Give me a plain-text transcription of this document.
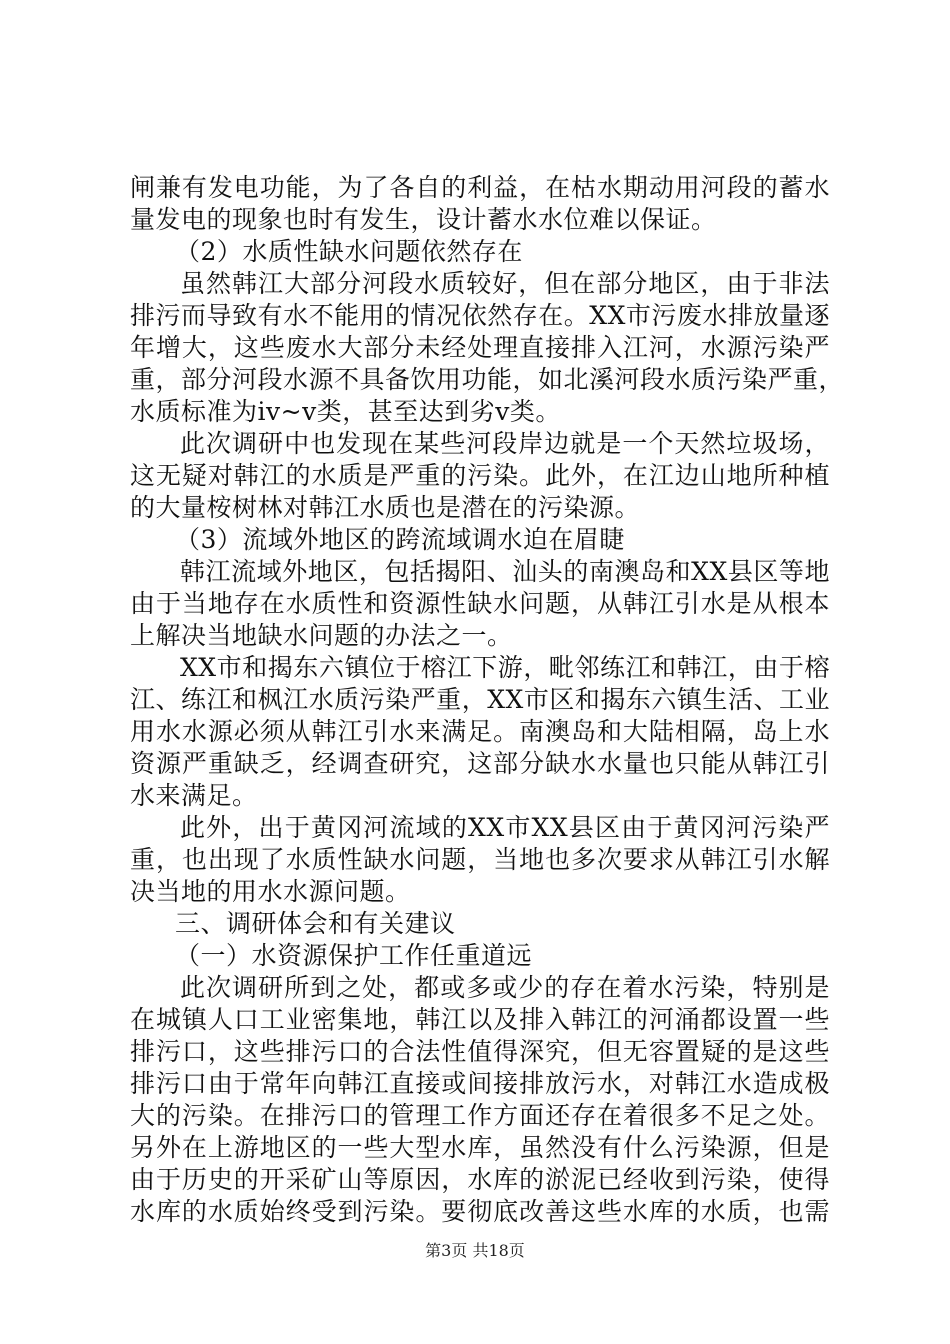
闸兼有发电功能，为了各自的利益，在枯水期动用河段的蓄水
量发电的现象也时有发生，设计蓄水水位难以保证。
（2）水质性缺水问题依然存在
虽然韩江大部分河段水质较好，但在部分地区，由于非法
排污而导致有水不能用的情况依然存在。XX市污废水排放量逐
年增大，这些废水大部分未经处理直接排入江河，水源污染严
重，部分河段水源不具备饮用功能，如北溪河段水质污染严重，
水质标准为iv~v类，甚至达到劣v类。
此次调研中也发现在某些河段岸边就是一个天然垃圾场，
这无疑对韩江的水质是严重的污染。此外，在江边山地所种植
的大量桉树林对韩江水质也是潜在的污染源。
（3）流域外地区的跨流域调水迫在眉睫
韩江流域外地区，包括揭阳、汕头的南澳岛和XX县区等地
由于当地存在水质性和资源性缺水问题，从韩江引水是从根本
上解决当地缺水问题的办法之一。
XX市和揭东六镇位于榕江下游，毗邻练江和韩江，由于榕
江、练江和枫江水质污染严重，XX市区和揭东六镇生活、工业
用水水源必须从韩江引水来满足。南澳岛和大陆相隔，岛上水
资源严重缺乏，经调查研究，这部分缺水水量也只能从韩江引
水来满足。
此外，出于黄冈河流域的XX市XX县区由于黄冈河污染严
重，也出现了水质性缺水问题，当地也多次要求从韩江引水解
决当地的用水水源问题。
三、调研体会和有关建议
（一）水资源保护工作任重道远
此次调研所到之处，都或多或少的存在着水污染，特别是
在城镇人口工业密集地，韩江以及排入韩江的河涌都设置一些
排污口，这些排污口的合法性值得深究，但无容置疑的是这些
排污口由于常年向韩江直接或间接排放污水，对韩江水造成极
大的污染。在排污口的管理工作方面还存在着很多不足之处。
另外在上游地区的一些大型水库，虽然没有什么污染源，但是
由于历史的开采矿山等原因，水库的淤泥已经收到污染，使得
水库的水质始终受到污染。要彻底改善这些水库的水质，也需
第3页 共18页
